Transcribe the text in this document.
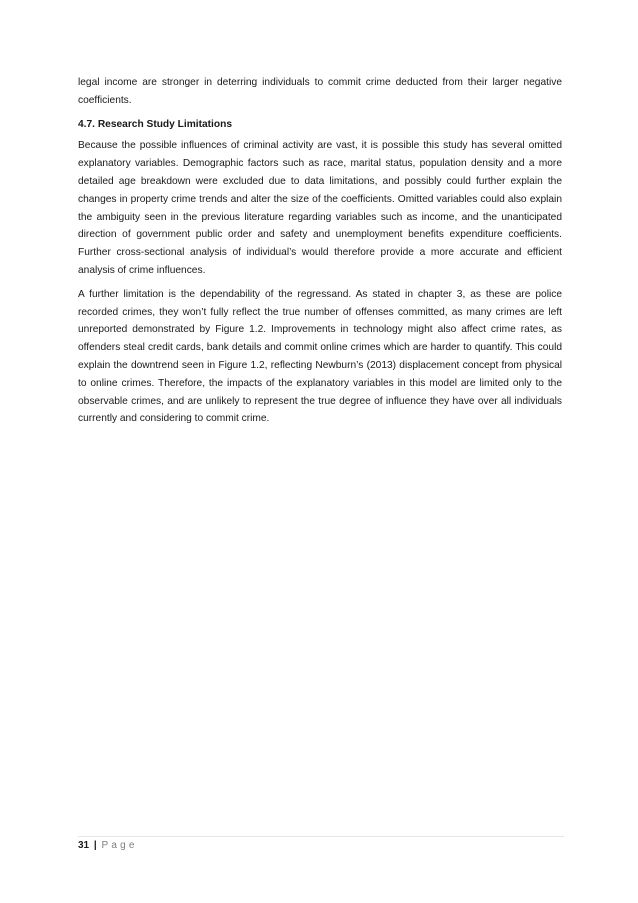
legal income are stronger in deterring individuals to commit crime deducted from their larger negative coefficients.

4.7. Research Study Limitations

Because the possible influences of criminal activity are vast, it is possible this study has several omitted explanatory variables. Demographic factors such as race, marital status, population density and a more detailed age breakdown were excluded due to data limitations, and possibly could further explain the changes in property crime trends and alter the size of the coefficients. Omitted variables could also explain the ambiguity seen in the previous literature regarding variables such as income, and the unanticipated direction of government public order and safety and unemployment benefits expenditure coefficients. Further cross-sectional analysis of individual’s would therefore provide a more accurate and efficient analysis of crime influences.

A further limitation is the dependability of the regressand. As stated in chapter 3, as these are police recorded crimes, they won’t fully reflect the true number of offenses committed, as many crimes are left unreported demonstrated by Figure 1.2. Improvements in technology might also affect crime rates, as offenders steal credit cards, bank details and commit online crimes which are harder to quantify. This could explain the downtrend seen in Figure 1.2, reflecting Newburn’s (2013) displacement concept from physical to online crimes. Therefore, the impacts of the explanatory variables in this model are limited only to the observable crimes, and are unlikely to represent the true degree of influence they have over all individuals currently and considering to commit crime.

31 | Page
